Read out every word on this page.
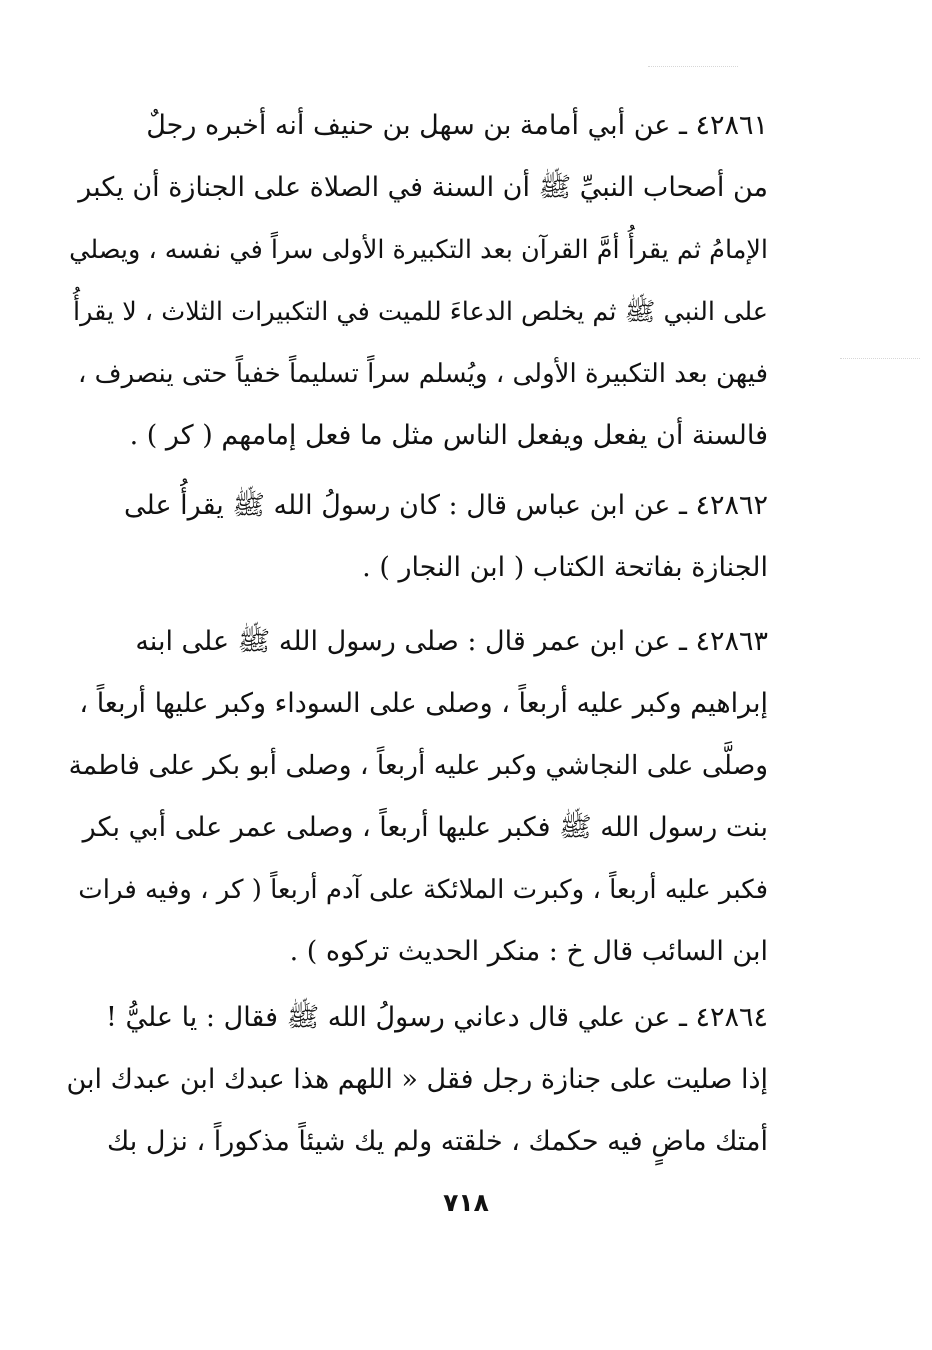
٤٢٨٦١ ـ عن أبي أمامة بن سهل بن حنيف أنه أخبره رجلٌ
من أصحاب النبيِّ ﷺ أن السنة في الصلاة على الجنازة أن يكبر
الإمامُ ثم يقرأُ أمَّ القرآن بعد التكبيرة الأولى سراً في نفسه ، ويصلي
على النبي ﷺ ثم يخلص الدعاءَ للميت في التكبيرات الثلاث ، لا يقرأُ
فيهن بعد التكبيرة الأولى ، ويُسلم سراً تسليماً خفياً حتى ينصرف ،
فالسنة أن يفعل ويفعل الناس مثل ما فعل إمامهم ( كر ) .
٤٢٨٦٢ ـ عن ابن عباس قال : كان رسولُ الله ﷺ يقرأُ على
الجنازة بفاتحة الكتاب ( ابن النجار ) .
٤٢٨٦٣ ـ عن ابن عمر قال : صلى رسول الله ﷺ على ابنه
إبراهيم وكبر عليه أربعاً ، وصلى على السوداء وكبر عليها أربعاً ،
وصلَّى على النجاشي وكبر عليه أربعاً ، وصلى أبو بكر على فاطمة
بنت رسول الله ﷺ فكبر عليها أربعاً ، وصلى عمر على أبي بكر
فكبر عليه أربعاً ، وكبرت الملائكة على آدم أربعاً ( كر ، وفيه فرات
ابن السائب قال خ : منكر الحديث تركوه ) .
٤٢٨٦٤ ـ عن علي قال دعاني رسولُ الله ﷺ فقال : يا عليُّ !
إذا صليت على جنازة رجل فقل « اللهم هذا عبدك ابن عبدك ابن
أمتك ماضٍ فيه حكمك ، خلقته ولم يك شيئاً مذكوراً ، نزل بك
٧١٨
